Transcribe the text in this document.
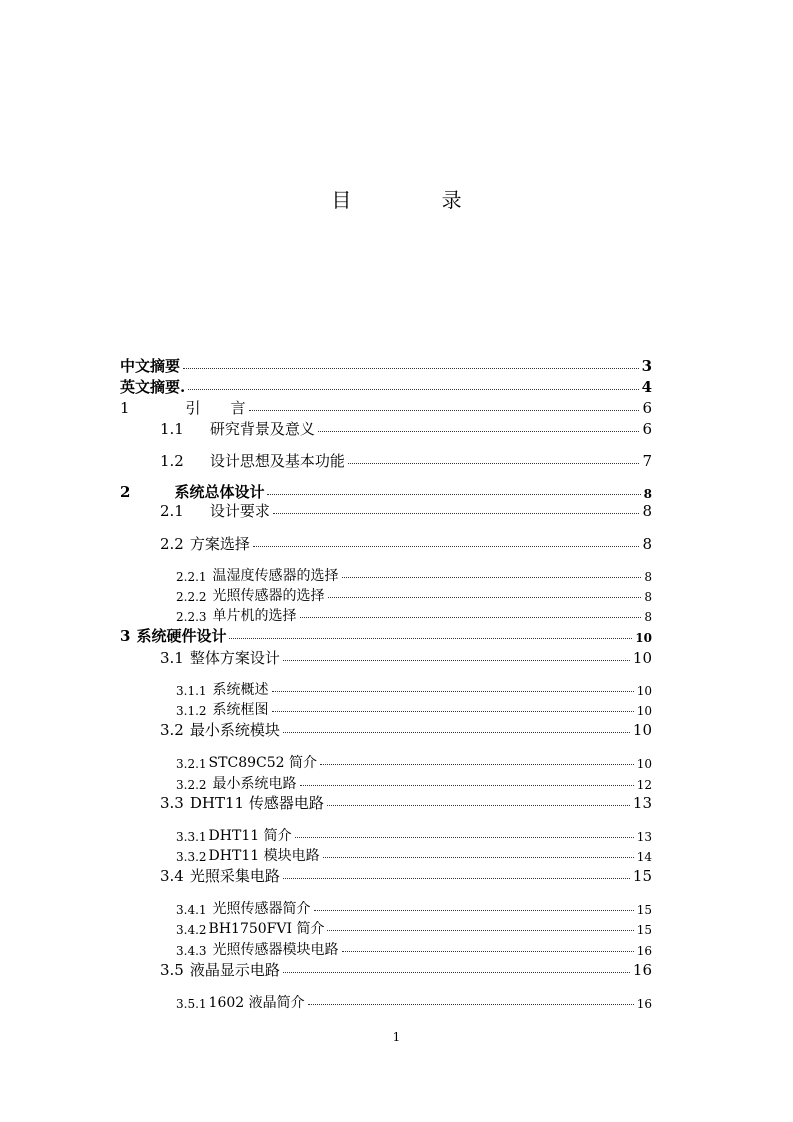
目 录
中文摘要	3
英文摘要.	4
1	引　　言	6
1.1 研究背景及意义	6
1.2 设计思想及基本功能	7
2	系统总体设计	8
2.1 设计要求	8
2.2 方案选择	8
2.2.1 温湿度传感器的选择	8
2.2.2 光照传感器的选择	8
2.2.3 单片机的选择	8
3 系统硬件设计	10
3.1 整体方案设计	10
3.1.1 系统概述	10
3.1.2 系统框图	10
3.2 最小系统模块	10
3.2.1 STC89C52 简介	10
3.2.2 最小系统电路	12
3.3 DHT11 传感器电路	13
3.3.1 DHT11 简介	13
3.3.2 DHT11 模块电路	14
3.4 光照采集电路	15
3.4.1 光照传感器简介	15
3.4.2 BH1750FVI 简介	15
3.4.3 光照传感器模块电路	16
3.5 液晶显示电路	16
3.5.1 1602 液晶简介	16
1
